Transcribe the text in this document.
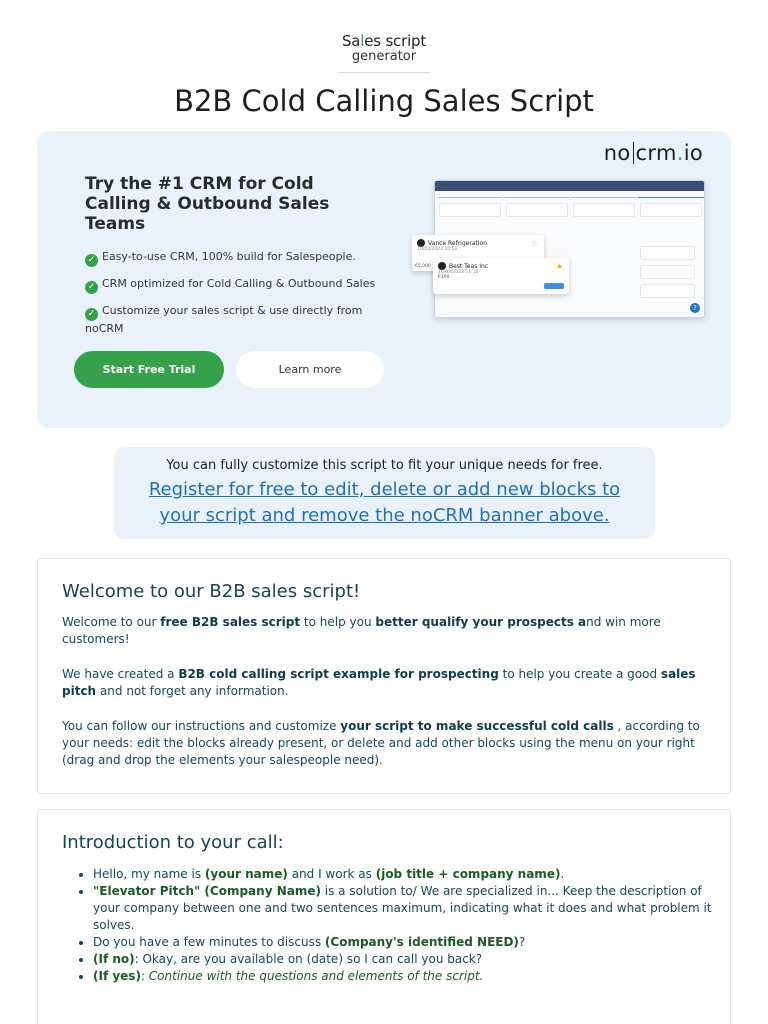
Sales script
generator
B2B Cold Calling Sales Script
no crm.io
Try the #1 CRM for Cold Calling & Outbound Sales Teams
✓ Easy-to-use CRM, 100% build for Salespeople.
✓ CRM optimized for Cold Calling & Outbound Sales
✓ Customize your sales script & use directly from noCRM
Start Free Trial	Learn more
?
Vance Refrigeration
10/03/2023 10:50
☆
Best Teas Inc
16/03/2023 11:18
€200
★
€5,000

You can fully customize this script to fit your unique needs for free.

Register for free to edit, delete or add new blocks to your script and remove the noCRM banner above.
Welcome to our B2B sales script!

Welcome to our free B2B sales script to help you better qualify your prospects and win more customers!

We have created a B2B cold calling script example for prospecting to help you create a good sales pitch and not forget any information.

You can follow our instructions and customize your script to make successful cold calls , according to your needs: edit the blocks already present, or delete and add other blocks using the menu on your right (drag and drop the elements your salespeople need).

Introduction to your call:
• Hello, my name is (your name) and I work as (job title + company name).
• "Elevator Pitch" (Company Name) is a solution to/ We are specialized in... Keep the description of your company between one and two sentences maximum, indicating what it does and what problem it solves.
• Do you have a few minutes to discuss (Company's identified NEED)?
• (If no): Okay, are you available on (date) so I can call you back?
• (If yes): Continue with the questions and elements of the script.
